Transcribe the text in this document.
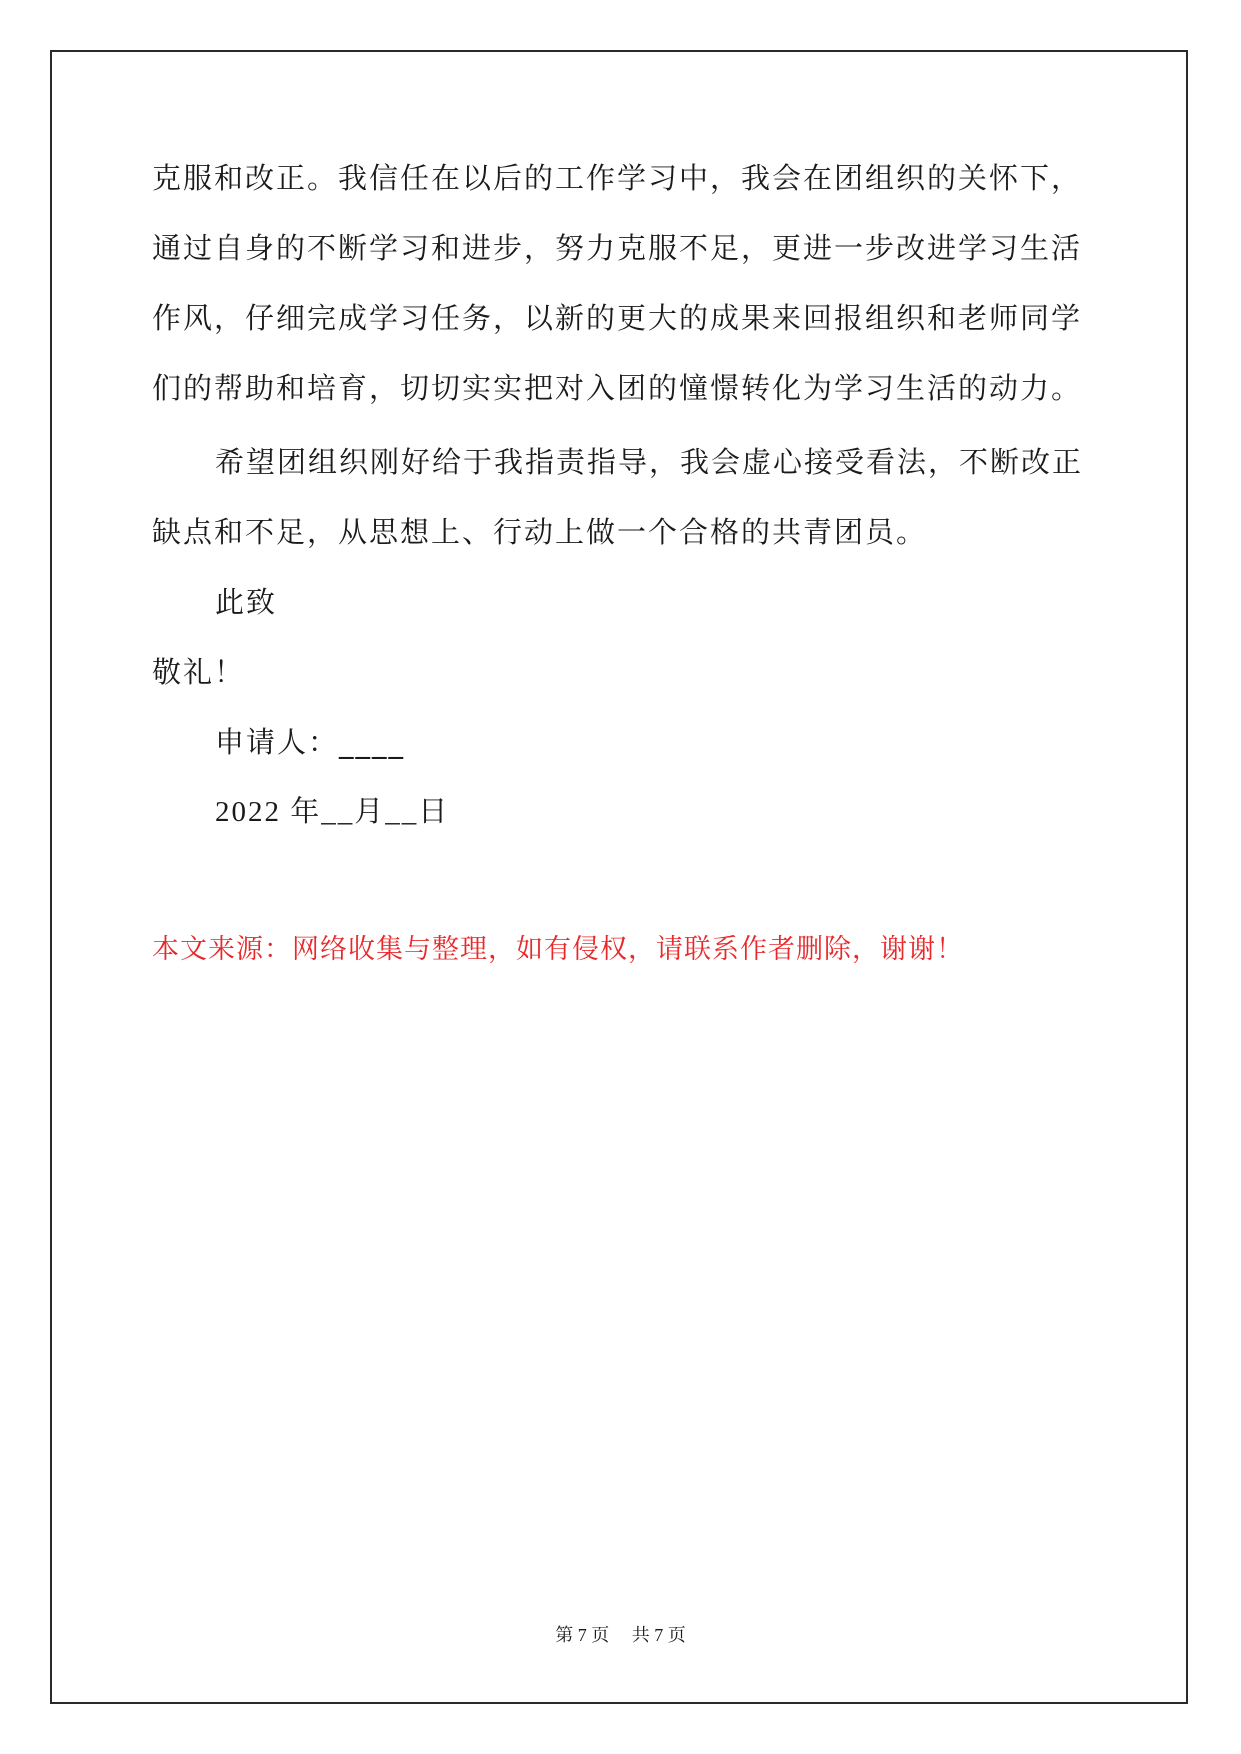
克服和改正。我信任在以后的工作学习中，我会在团组织的关怀下，
通过自身的不断学习和进步，努力克服不足，更进一步改进学习生活
作风，仔细完成学习任务，以新的更大的成果来回报组织和老师同学
们的帮助和培育，切切实实把对入团的憧憬转化为学习生活的动力。
希望团组织刚好给于我指责指导，我会虚心接受看法，不断改正
缺点和不足，从思想上、行动上做一个合格的共青团员。
此致
敬礼！
申请人：____
2022 年__月__日
本文来源：网络收集与整理，如有侵权，请联系作者删除，谢谢！
第 7 页 共 7 页
